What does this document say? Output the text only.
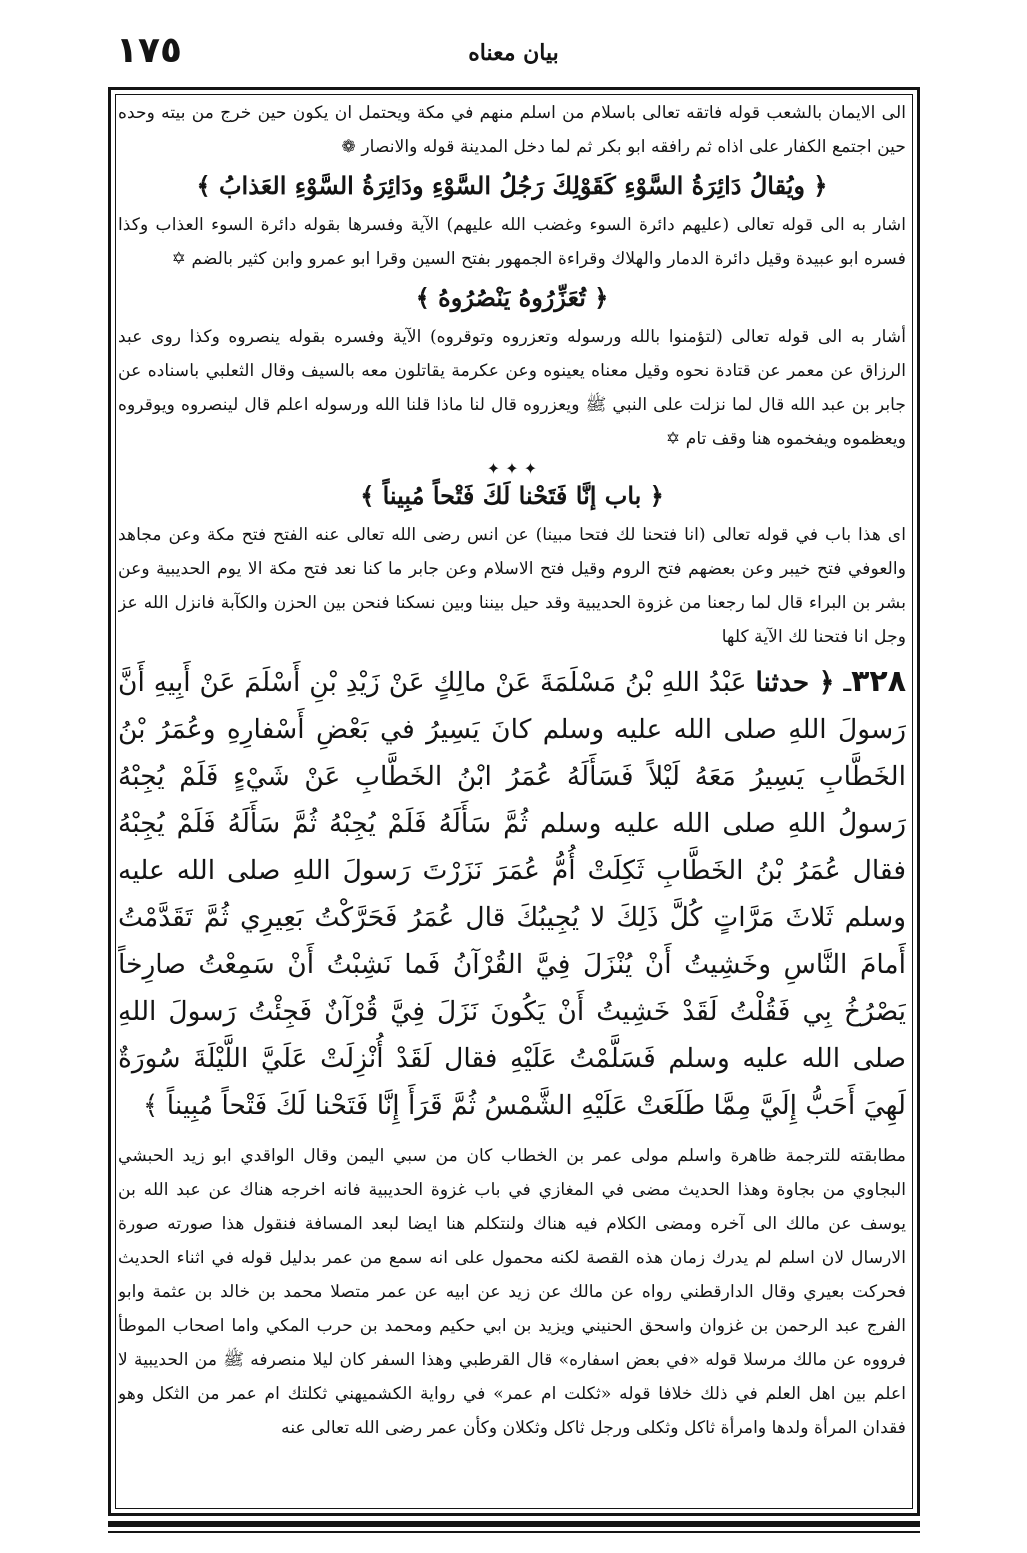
١٧٥	بيان معناه

الى الايمان بالشعب قوله فاتقه تعالى باسلام من اسلم منهم في مكة ويحتمل ان يكون حين خرج من بيته وحده حين اجتمع الكفار على اذاه ثم رافقه ابو بكر ثم لما دخل المدينة قوله والانصار ❁

﴿ ويُقالُ دَائِرَةُ السَّوْءِ كَقَوْلِكَ رَجُلُ السَّوْءِ ودَائِرَةُ السَّوْءِ العَذابُ ﴾

اشار به الى قوله تعالى (عليهم دائرة السوء وغضب الله عليهم) الآية وفسرها بقوله دائرة السوء العذاب وكذا فسره ابو عبيدة وقيل دائرة الدمار والهلاك وقراءة الجمهور بفتح السين وقرا ابو عمرو وابن كثير بالضم ✡

﴿ تُعَزِّرُوهُ يَنْصُرُوهُ ﴾

أشار به الى قوله تعالى (لتؤمنوا بالله ورسوله وتعزروه وتوقروه) الآية وفسره بقوله ينصروه وكذا روى عبد الرزاق عن معمر عن قتادة نحوه وقيل معناه يعينوه وعن عكرمة يقاتلون معه بالسيف وقال الثعلبي باسناده عن جابر بن عبد الله قال لما نزلت على النبي ﷺ ويعزروه قال لنا ماذا قلنا الله ورسوله اعلم قال لينصروه ويوقروه ويعظموه ويفخموه هنا وقف تام ✡

✦ ✦ ✦
﴿ باب إنَّا فَتَحْنا لَكَ فَتْحاً مُبِيناً ﴾

اى هذا باب في قوله تعالى (انا فتحنا لك فتحا مبينا) عن انس رضى الله تعالى عنه الفتح فتح مكة وعن مجاهد والعوفي فتح خيبر وعن بعضهم فتح الروم وقيل فتح الاسلام وعن جابر ما كنا نعد فتح مكة الا يوم الحديبية وعن بشر بن البراء قال لما رجعنا من غزوة الحديبية وقد حيل بيننا وبين نسكنا فنحن بين الحزن والكآبة فانزل الله عز وجل انا فتحنا لك الآية كلها

٣٢٨ـ ﴿ حدثنا عَبْدُ اللهِ بْنُ مَسْلَمَةَ عَنْ مالِكٍ عَنْ زَيْدِ بْنِ أَسْلَمَ عَنْ أَبِيهِ أَنَّ رَسولَ اللهِ صلى الله عليه وسلم كانَ يَسِيرُ في بَعْضِ أَسْفارِهِ وعُمَرُ بْنُ الخَطَّابِ يَسِيرُ مَعَهُ لَيْلاً فَسَأَلَهُ عُمَرُ ابْنُ الخَطَّابِ عَنْ شَيْءٍ فَلَمْ يُجِبْهُ رَسولُ اللهِ صلى الله عليه وسلم ثُمَّ سَأَلَهُ فَلَمْ يُجِبْهُ ثُمَّ سَأَلَهُ فَلَمْ يُجِبْهُ فقال عُمَرُ بْنُ الخَطَّابِ ثَكِلَتْ أُمُّ عُمَرَ نَزَرْتَ رَسولَ اللهِ صلى الله عليه وسلم ثَلاثَ مَرَّاتٍ كُلَّ ذَلِكَ لا يُجِيبُكَ قال عُمَرُ فَحَرَّكْتُ بَعِيرِي ثُمَّ تَقَدَّمْتُ أَمامَ النَّاسِ وخَشِيتُ أَنْ يُنْزَلَ فِيَّ القُرْآنُ فَما نَشِبْتُ أَنْ سَمِعْتُ صارِخاً يَصْرُخُ بِي فَقُلْتُ لَقَدْ خَشِيتُ أَنْ يَكُونَ نَزَلَ فِيَّ قُرْآنٌ فَجِئْتُ رَسولَ اللهِ صلى الله عليه وسلم فَسَلَّمْتُ عَلَيْهِ فقال لَقَدْ أُنْزِلَتْ عَلَيَّ اللَّيْلَةَ سُورَةٌ لَهِيَ أَحَبُّ إِلَيَّ مِمَّا طَلَعَتْ عَلَيْهِ الشَّمْسُ ثُمَّ قَرَأَ إِنَّا فَتَحْنا لَكَ فَتْحاً مُبِيناً ﴾

مطابقته للترجمة ظاهرة واسلم مولى عمر بن الخطاب كان من سبي اليمن وقال الواقدي ابو زيد الحبشي البجاوي من بجاوة وهذا الحديث مضى في المغازي في باب غزوة الحديبية فانه اخرجه هناك عن عبد الله بن يوسف عن مالك الى آخره ومضى الكلام فيه هناك ولنتكلم هنا ايضا لبعد المسافة فنقول هذا صورته صورة الارسال لان اسلم لم يدرك زمان هذه القصة لكنه محمول على انه سمع من عمر بدليل قوله في اثناء الحديث فحركت بعيري وقال الدارقطني رواه عن مالك عن زيد عن ابيه عن عمر متصلا محمد بن خالد بن عثمة وابو الفرج عبد الرحمن بن غزوان واسحق الحنيني ويزيد بن ابي حكيم ومحمد بن حرب المكي واما اصحاب الموطأ فرووه عن مالك مرسلا قوله «في بعض اسفاره» قال القرطبي وهذا السفر كان ليلا منصرفه ﷺ من الحديبية لا اعلم بين اهل العلم في ذلك خلافا قوله «ثكلت ام عمر» في رواية الكشميهني ثكلتك ام عمر من الثكل وهو فقدان المرأة ولدها وامرأة ثاكل وثكلى ورجل ثاكل وثكلان وكأن عمر رضى الله تعالى عنه
